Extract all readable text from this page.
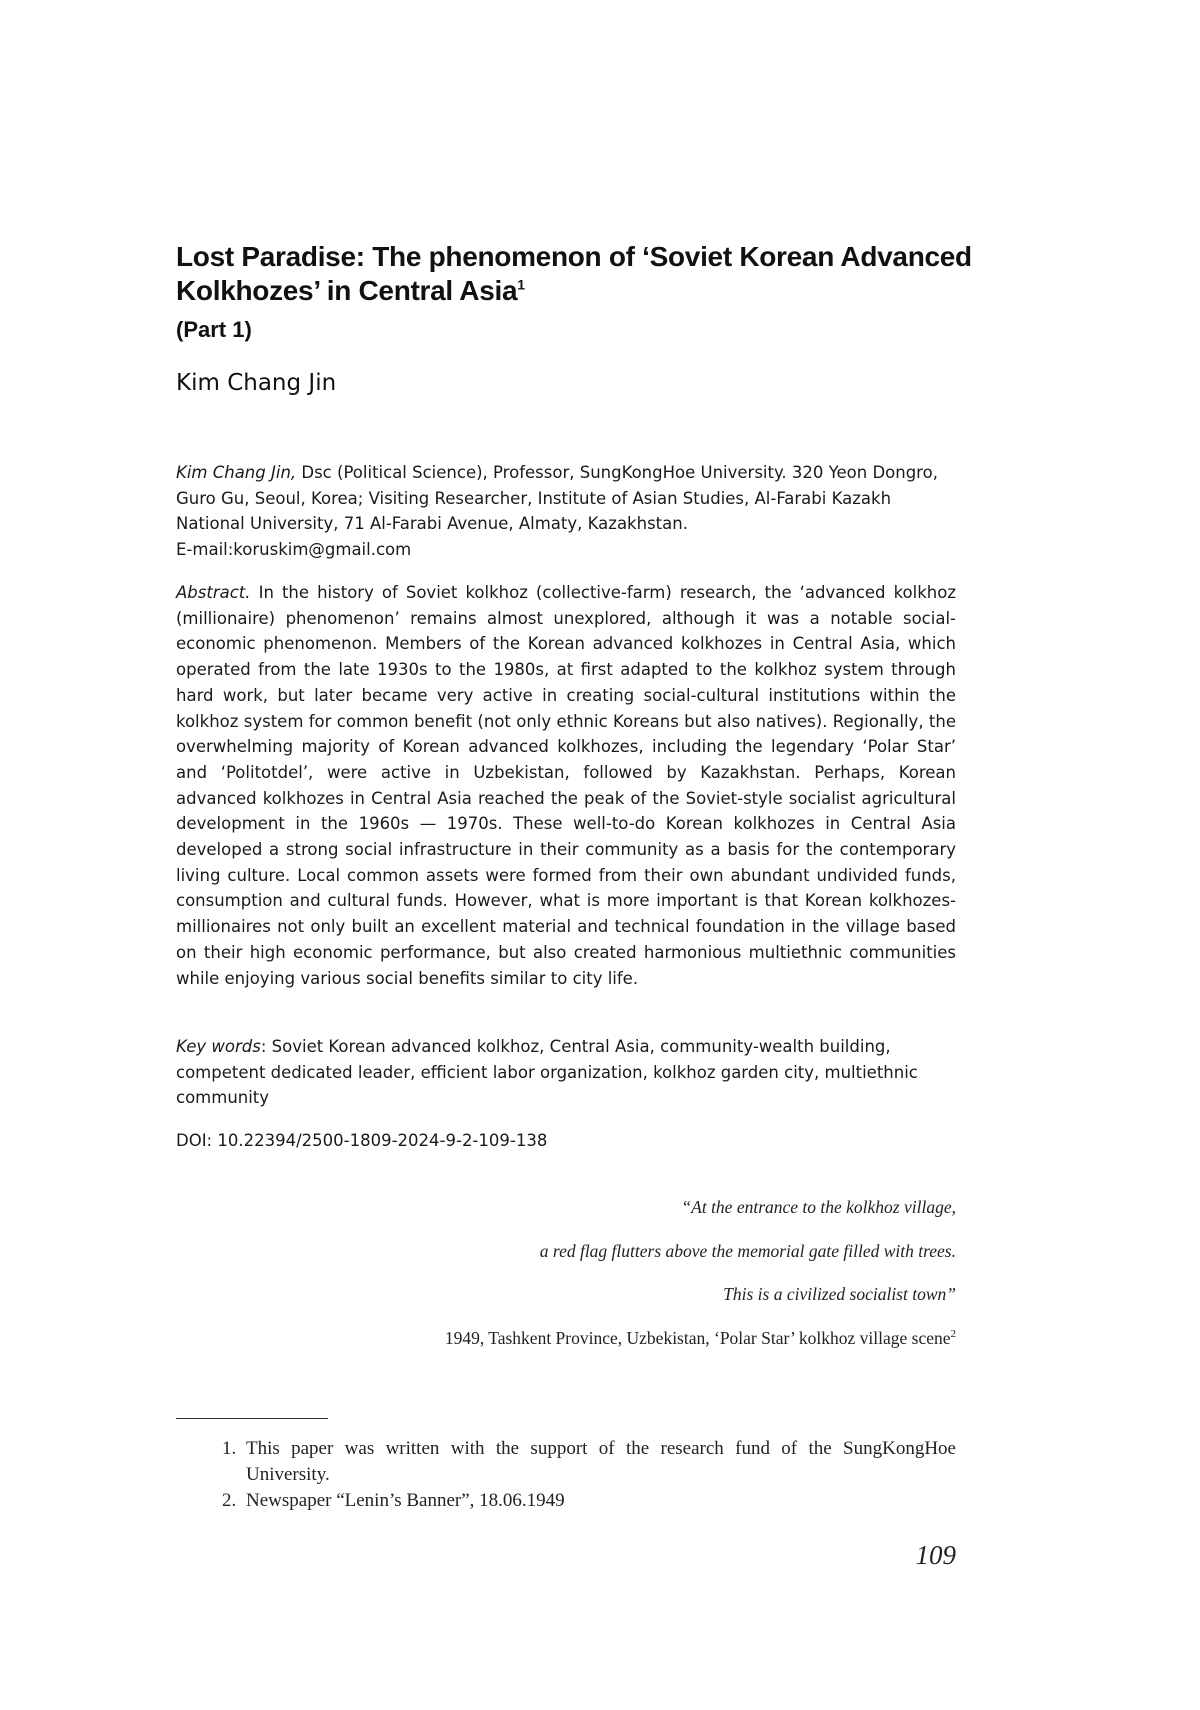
Lost Paradise: The phenomenon of ‘Soviet Korean Advanced Kolkhozes’ in Central Asia$^1$
(Part 1)
Kim Chang Jin

Kim Chang Jin, Dsc (Political Science), Professor, SungKongHoe University. 320 Yeon Dongro, Guro Gu, Seoul, Korea; Visiting Researcher, Institute of Asian Studies, Al-Farabi Kazakh National University, 71 Al-Farabi Avenue, Almaty, Kazakhstan.
E-mail:koruskim@gmail.com

Abstract. In the history of Soviet kolkhoz (collective-farm) research, the ‘advanced kolkhoz (millionaire) phenomenon’ remains almost unexplored, although it was a notable social-economic phenomenon. Members of the Korean advanced kolkhozes in Central Asia, which operated from the late 1930s to the 1980s, at first adapted to the kolkhoz system through hard work, but later became very active in creating social-cultural institutions within the kolkhoz system for common benefit (not only ethnic Koreans but also natives). Regionally, the overwhelming majority of Korean advanced kolkhozes, including the legendary ‘Polar Star’ and ‘Politotdel’, were active in Uzbekistan, followed by Kazakhstan. Perhaps, Korean advanced kolkhozes in Central Asia reached the peak of the Soviet-style socialist agricultural development in the 1960s — 1970s. These well-to-do Korean kolkhozes in Central Asia developed a strong social infrastructure in their community as a basis for the contemporary living culture. Local common assets were formed from their own abundant undivided funds, consumption and cultural funds. However, what is more important is that Korean kolkhozes-millionaires not only built an excellent material and technical foundation in the village based on their high economic performance, but also created harmonious multiethnic communities while enjoying various social benefits similar to city life.

Key words: Soviet Korean advanced kolkhoz, Central Asia, community-wealth building, competent dedicated leader, efficient labor organization, kolkhoz garden city, multiethnic community

DOI: 10.22394/2500-1809-2024-9-2-109-138

“At the entrance to the kolkhoz village,
a red flag flutters above the memorial gate filled with trees.
This is a civilized socialist town”
1949, Tashkent Province, Uzbekistan, ‘Polar Star’ kolkhoz village scene$^2$
1. This paper was written with the support of the research fund of the SungKongHoe University.
2. Newspaper “Lenin’s Banner”, 18.06.1949
109
